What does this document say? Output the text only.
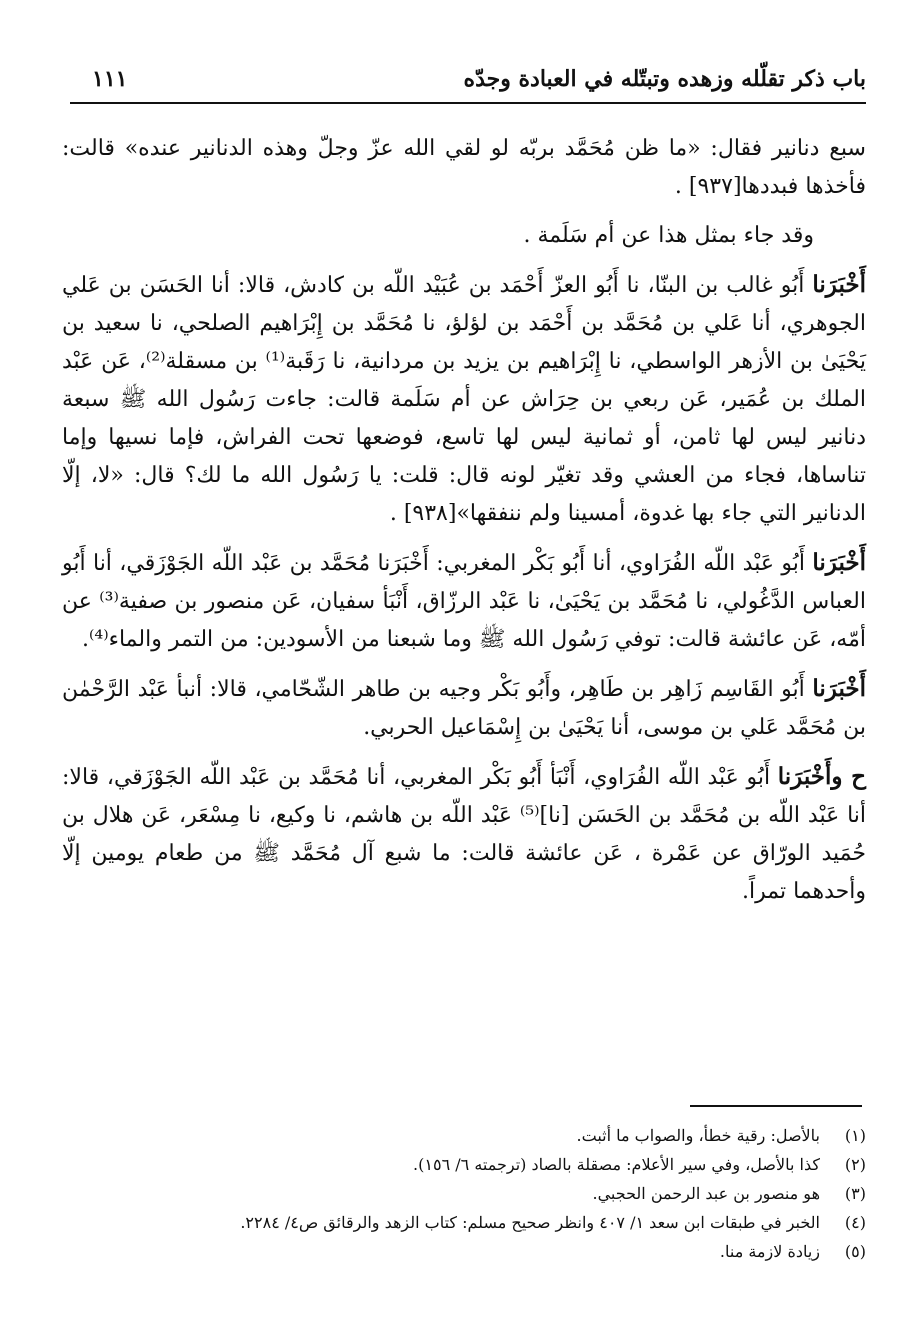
باب ذكر تقلّله وزهده وتبتّله في العبادة وجدّه
١١١

سبع دنانير فقال: «ما ظن مُحَمَّد بربّه لو لقي الله عزّ وجلّ وهذه الدنانير عنده» قالت: فأخذها فبددها[٩٣٧] .

وقد جاء بمثل هذا عن أم سَلَمة .

أَخْبَرَنا أَبُو غالب بن البنّا، نا أَبُو العزّ أَحْمَد بن عُبَيْد اللّه بن كادش، قالا: أنا الحَسَن بن عَلي الجوهري، أنا عَلي بن مُحَمَّد بن أَحْمَد بن لؤلؤ، نا مُحَمَّد بن إِبْرَاهيم الصلحي، نا سعيد بن يَحْيَىٰ بن الأزهر الواسطي، نا إِبْرَاهيم بن يزيد بن مردانية، نا رَقَبة⁽¹⁾ بن مسقلة⁽²⁾، عَن عَبْد الملك بن عُمَير، عَن ربعي بن حِرَاش عن أم سَلَمة قالت: جاءت رَسُول الله ﷺ سبعة دنانير ليس لها ثامن، أو ثمانية ليس لها تاسع، فوضعها تحت الفراش، فإما نسيها وإما تناساها، فجاء من العشي وقد تغيّر لونه قال: قلت: يا رَسُول الله ما لك؟ قال: «لا، إلّا الدنانير التي جاء بها غدوة، أمسينا ولم ننفقها»[٩٣٨] .

أَخْبَرَنا أَبُو عَبْد اللّه الفُرَاوي، أنا أَبُو بَكْر المغربي: أَخْبَرَنا مُحَمَّد بن عَبْد اللّه الجَوْزَقي، أنا أَبُو العباس الدَّغُولي، نا مُحَمَّد بن يَحْيَىٰ، نا عَبْد الرزّاق، أَنْبَأ سفيان، عَن منصور بن صفية⁽³⁾ عن أمّه، عَن عائشة قالت: توفي رَسُول الله ﷺ وما شبعنا من الأسودين: من التمر والماء⁽⁴⁾.

أَخْبَرَنا أَبُو القَاسِم زَاهِر بن طَاهِر، وأَبُو بَكْر وجيه بن طاهر الشّحّامي، قالا: أنبأ عَبْد الرَّحْمٰن بن مُحَمَّد عَلي بن موسى، أنا يَحْيَىٰ بن إِسْمَاعيل الحربي.

ح وأَخْبَرَنا أَبُو عَبْد اللّه الفُرَاوي، أَنْبَأ أَبُو بَكْر المغربي، أنا مُحَمَّد بن عَبْد اللّه الجَوْزَقي، قالا: أنا عَبْد اللّه بن مُحَمَّد بن الحَسَن [نا]⁽⁵⁾ عَبْد اللّه بن هاشم، نا وكيع، نا مِسْعَر، عَن هلال بن حُمَيد الورّاق عن عَمْرة ، عَن عائشة قالت: ما شبع آل مُحَمَّد ﷺ من طعام يومين إلّا وأحدهما تمراً.

(١)
بالأصل: رقية خطأ، والصواب ما أثبت.
(٢)
كذا بالأصل، وفي سير الأعلام: مصقلة بالصاد (ترجمته ٦/ ١٥٦).
(٣)
هو منصور بن عبد الرحمن الحجبي.
(٤)
الخبر في طبقات ابن سعد ١/ ٤٠٧ وانظر صحيح مسلم: كتاب الزهد والرقائق ص٤/ ٢٢٨٤.
(٥)
زيادة لازمة منا.
